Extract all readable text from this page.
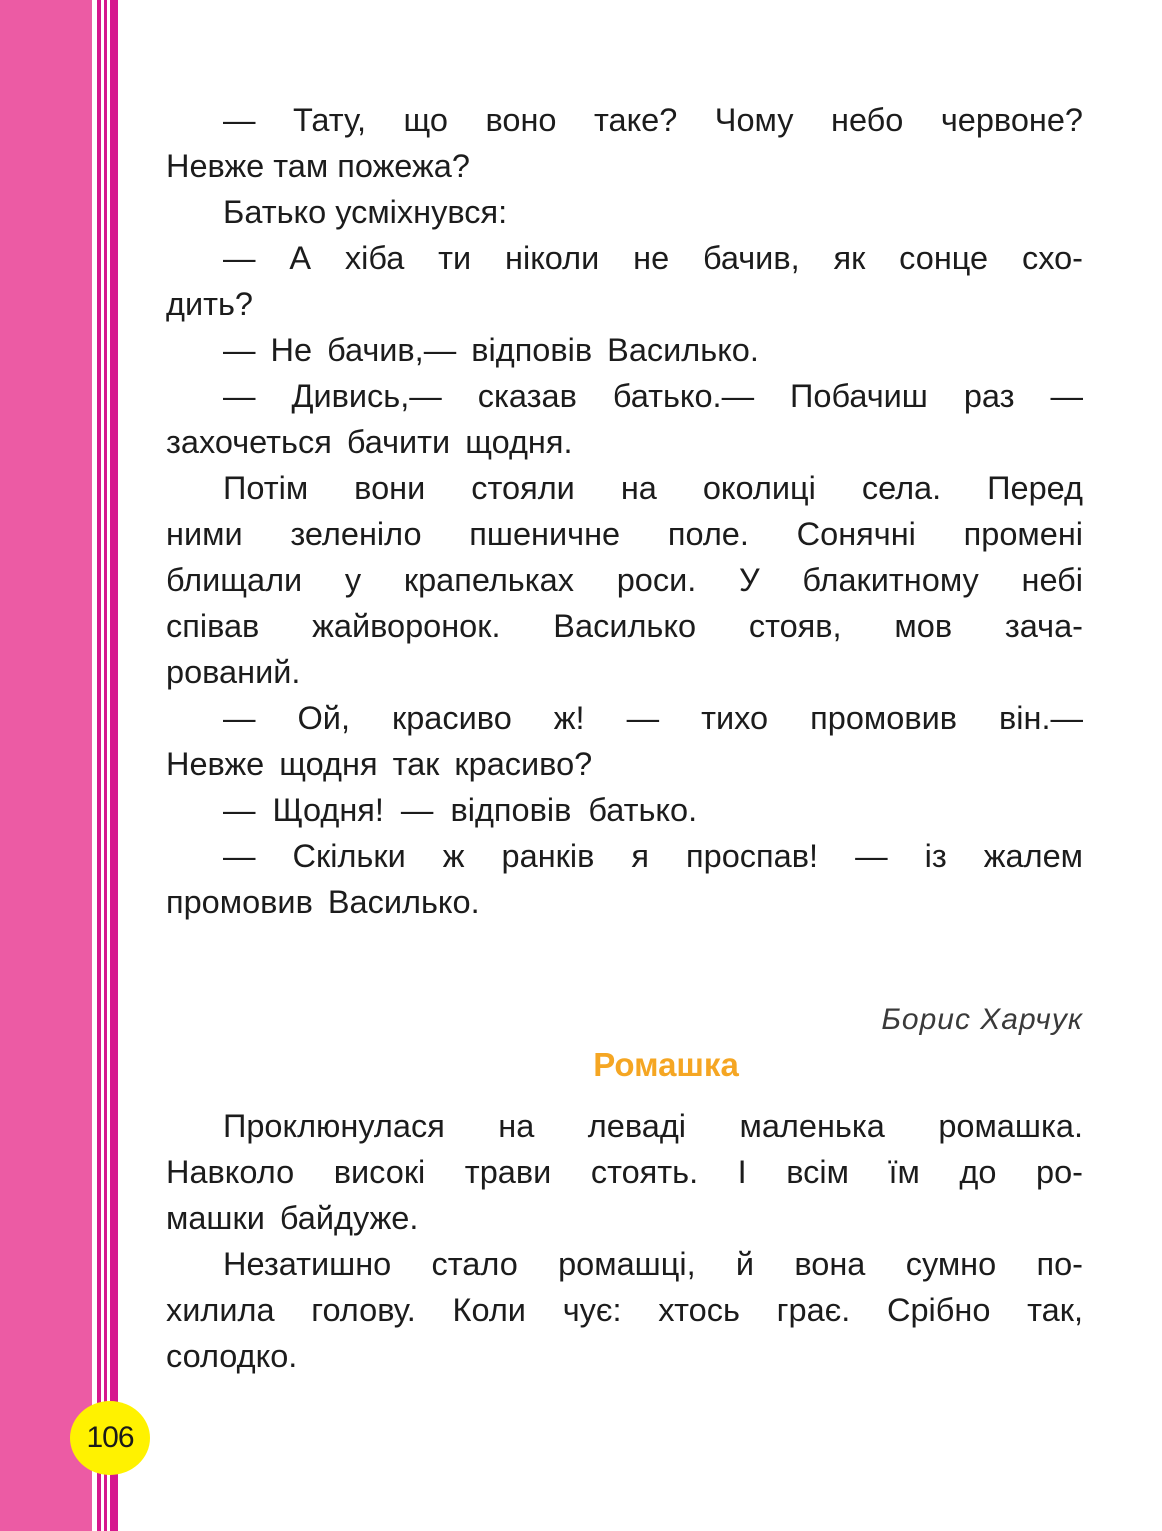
106

— Тату, що воно таке? Чому небо червоне?

Невже там пожежа?

Батько усміхнувся:

— А хіба ти ніколи не бачив, як сонце схо-

дить?

— Не бачив,— відповів Василько.

— Дивись,— сказав батько.— Побачиш раз —

захочеться бачити щодня.

Потім вони стояли на околиці села. Перед

ними зеленіло пшеничне поле. Сонячні промені

блищали у крапельках роси. У блакитному небі

співав жайворонок. Василько стояв, мов зача-

рований.

— Ой, красиво ж! — тихо промовив він.—

Невже щодня так красиво?

— Щодня! — відповів батько.

— Скільки ж ранків я проспав! — із жалем

промовив Василько.

Борис Харчук
Ромашка

Проклюнулася на леваді маленька ромашка.

Навколо високі трави стоять. І всім їм до ро-

машки байдуже.

Незатишно стало ромашці, й вона сумно по-

хилила голову. Коли чує: хтось грає. Срібно так,

солодко.
